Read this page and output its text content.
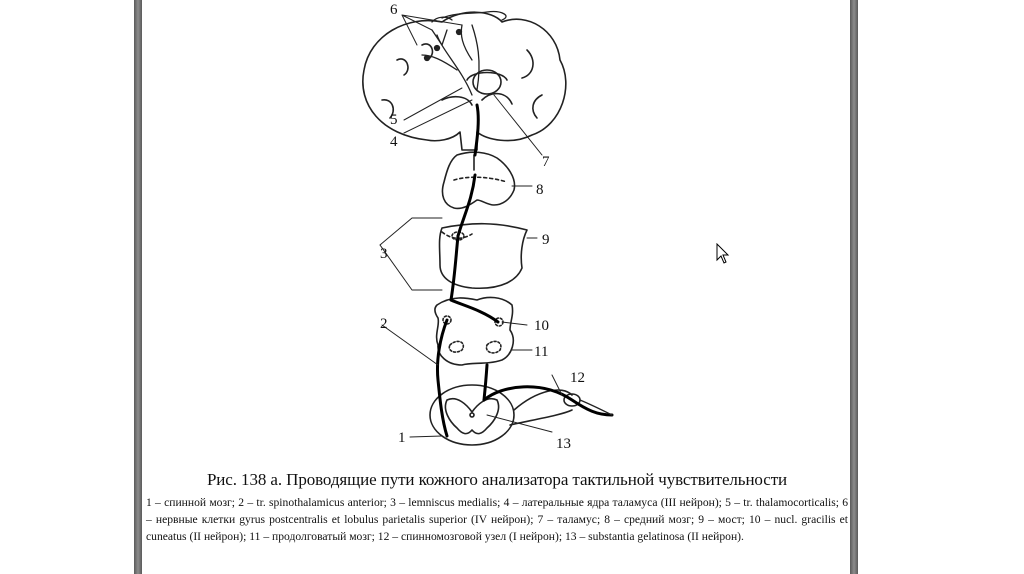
6
5
4
7
8
9
3
2	10
11
12
1	13

Рис. 138 а. Проводящие пути кожного анализатора тактильной чувствительности

1 – спинной мозг; 2 – tr. spinothalamicus anterior; 3 – lemniscus medialis; 4 – латеральные ядра таламуса (III нейрон); 5 – tr. thalamocorticalis; 6 – нервные клетки gyrus postcentralis et lobulus parietalis superior (IV нейрон); 7 – таламус; 8 – средний мозг; 9 – мост; 10 – nucl. gracilis et cuneatus (II нейрон); 11 – продолговатый мозг; 12 – спинномозговой узел (I нейрон); 13 – substantia gelatinosa (II нейрон).
